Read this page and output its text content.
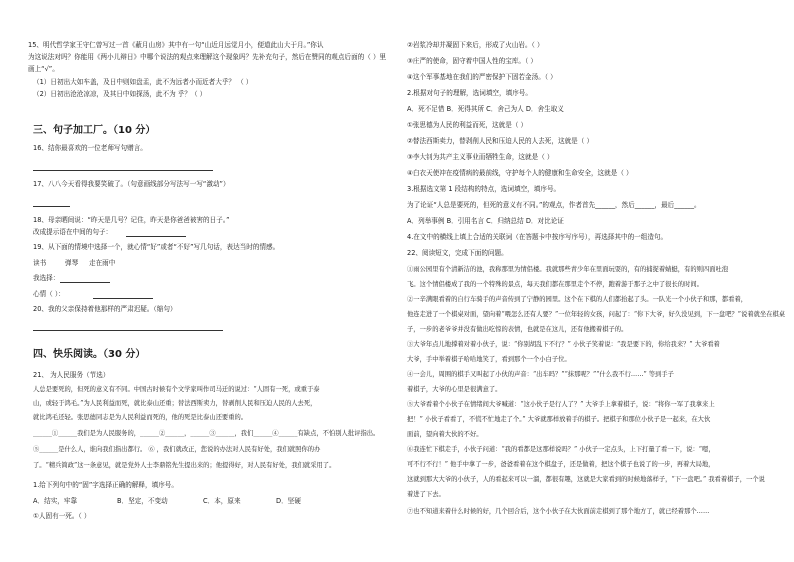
15、明代哲学家王守仁曾写过一首《蔽月山房》其中有一句“山近月远觉月小，便道此山大于月。”你认
为这说法对吗？你能用《两小儿辩日》中哪个说法的观点来理解这个现象吗？先补充句子，然后在赞同的观点后面的（ ）里
画上“√”。
（1）日初出大如车盖，及日中则如盘盂，此不为远者小而近者大乎？ （ ）
（2）日初出沧沧凉凉，及其日中如探汤，此不为 乎？（ ）
三、句子加工厂。（10 分）
16、结你最喜欢的一位老师写句赠言。
17、八八今天看得我要笑破了。（句意画线部分写法写一写“激动”）
18、母亲晒间说：“昨天是几号？记住，昨天是你爸爸被害的日子。”
改成提示语在中间的句子：
19、从下面的情境中选择一个，就心情“好”或者“不好”写几句话，表达当时的情感。
读书	弹琴 走在雨中
我选择：
心情（ ）：
20、我的父亲保持着他那样的严肃迟疑。（缩句）
四、快乐阅读。（30 分）
21、 为人民服务（节选）
人总是要死的，但死的意义有不同。中国古时候有个文学家叫作司马迁的说过：“人固有一死，或重于泰
山，或轻于鸿毛。”为人民利益而死，就比泰山还重；替法西斯卖力，替剥削人民和压迫人民的人去死，
就比鸿毛还轻。张思德同志是为人民利益而死的，他的死是比泰山还要重的。
______①______我们是为人民服务的，______②______，______③______，我们______④______有缺点，不怕别人批评指出。
⑤______是什么人，谁向我们指出都行。 ⑥ ，我们就改正，您说的办法对人民有好处，我们就照你的办
了。“精兵简政”这一条意见，就是党外人士李鼎铭先生提出来的；他提得好，对人民有好处，我们就采用了。
1.给下列句中的“固”字选择正确的解释，填序号。
A．结实，牢靠	B．坚定，不变动	C．本，原来	D．坚硬
①人固有一死。（ ）
②岩浆冷却并凝固下来后，形成了火山岩。（ ）
③庄严的使命，固守着中国人性的宝库。（ ）
④这个军事基地在我们的严密保护下固若金汤。（ ）
2.根据对句子的理解，选词填空，填序号。
A．死不足惜 B．死得其所 C．舍己为人 D．舍生取义
①张思德为人民的利益而死，这就是（ ）
②替法西斯卖力，替剥削人民和压迫人民的人去死，这就是（ ）
③李大钊为共产主义事业而牺牲生命，这就是（ ）
④白衣天使冲在疫情病的最前线，守护每个人的健康和生命安全，这就是（ ）
3.根据选文第 1 段结构的特点，选词填空，填序号。
为了论证“人总是要死的，但死的意义有不同。”的观点，作者首先______，然后______，最后______。
A．列举事例 B．引用名言 C．归纳总结 D．对比论证
4.在文中的横线上填上合适的关联词（在答题卡中按序写序号），再选择其中的一组造句。
22、阅读短文，完成下面的问题。
①雨公园里有个清新洁的池，我称那里为情侣楼。我就那些青少年在里面玩耍的，有的捕捉着蜻蜓，有的则四面吐泡
飞。这个情侣楼成了我的一个特殊的景点，每天我们都在那里走个不停，跑着游于那子之中了很长的时间。
②一辛满眼看着的自行车骑手的声音传到了宁静的园里。这个在下棋的人们都抬起了头。一队光一个小伙子和那，都看着，
他连走进了一个棋桌对面，望向着“喂怎么还有人要？”一位年轻的女孩，问起了：“你下大爷，好久没见到，下一盘吧？”说着就坐在棋桌
子，一步的老爷爷并没有做出吃惊的表情，也就是在这儿，还有他搬着棋子的。
③大爷年点儿地撑着对着小伙子，说：“你别胡乱下不行？” 小伙子笑着说：“我是要下的，你给我来？” 大爷看着
大爷，手中举着棋子哈哈地笑了，看到那个一个小白子位。
④一会儿，周围的棋手又叫起了小伙的声音：“出车吗？”“抹那呢？”“什么我不行……” 等到手子
着棋子，大爷的心里是很满意了。
⑤大爷看着个小伙子在情绪间大爷喊道：“这小伙子是行人了？” 大爷手上拿着棋子，说：“将你一军了我拿来上
把！” 小伙子看看了，不慌不忙地走了个。” 大爷就那样放着手的棋子。把棋子和那位小伙子是一起来，在大伙
面前，望向着大伙的不好。
⑥我连忙下棋走手，小伙子问道：“我的看都是这那样说吗？” 小伙子一定点头，上下打量了看一下，说：“嗯，
可不行不行！” 他手中拿了一步，爸爸看着在这个棋盘子，还是做着，把这个棋子也说了的一步，再着大局地，
这就到那大大爷的小伙子，人的看起来可以一溜，都很有趣，这就是大家看到的时候地落样子，“下一盘吧。” 我看着棋子，一个说
着进了下去。
⑦也不知道来着什么时候的好，几个回合后，这个小伙子在大伙面前走棋到了那个地方了，就已经着那个……
